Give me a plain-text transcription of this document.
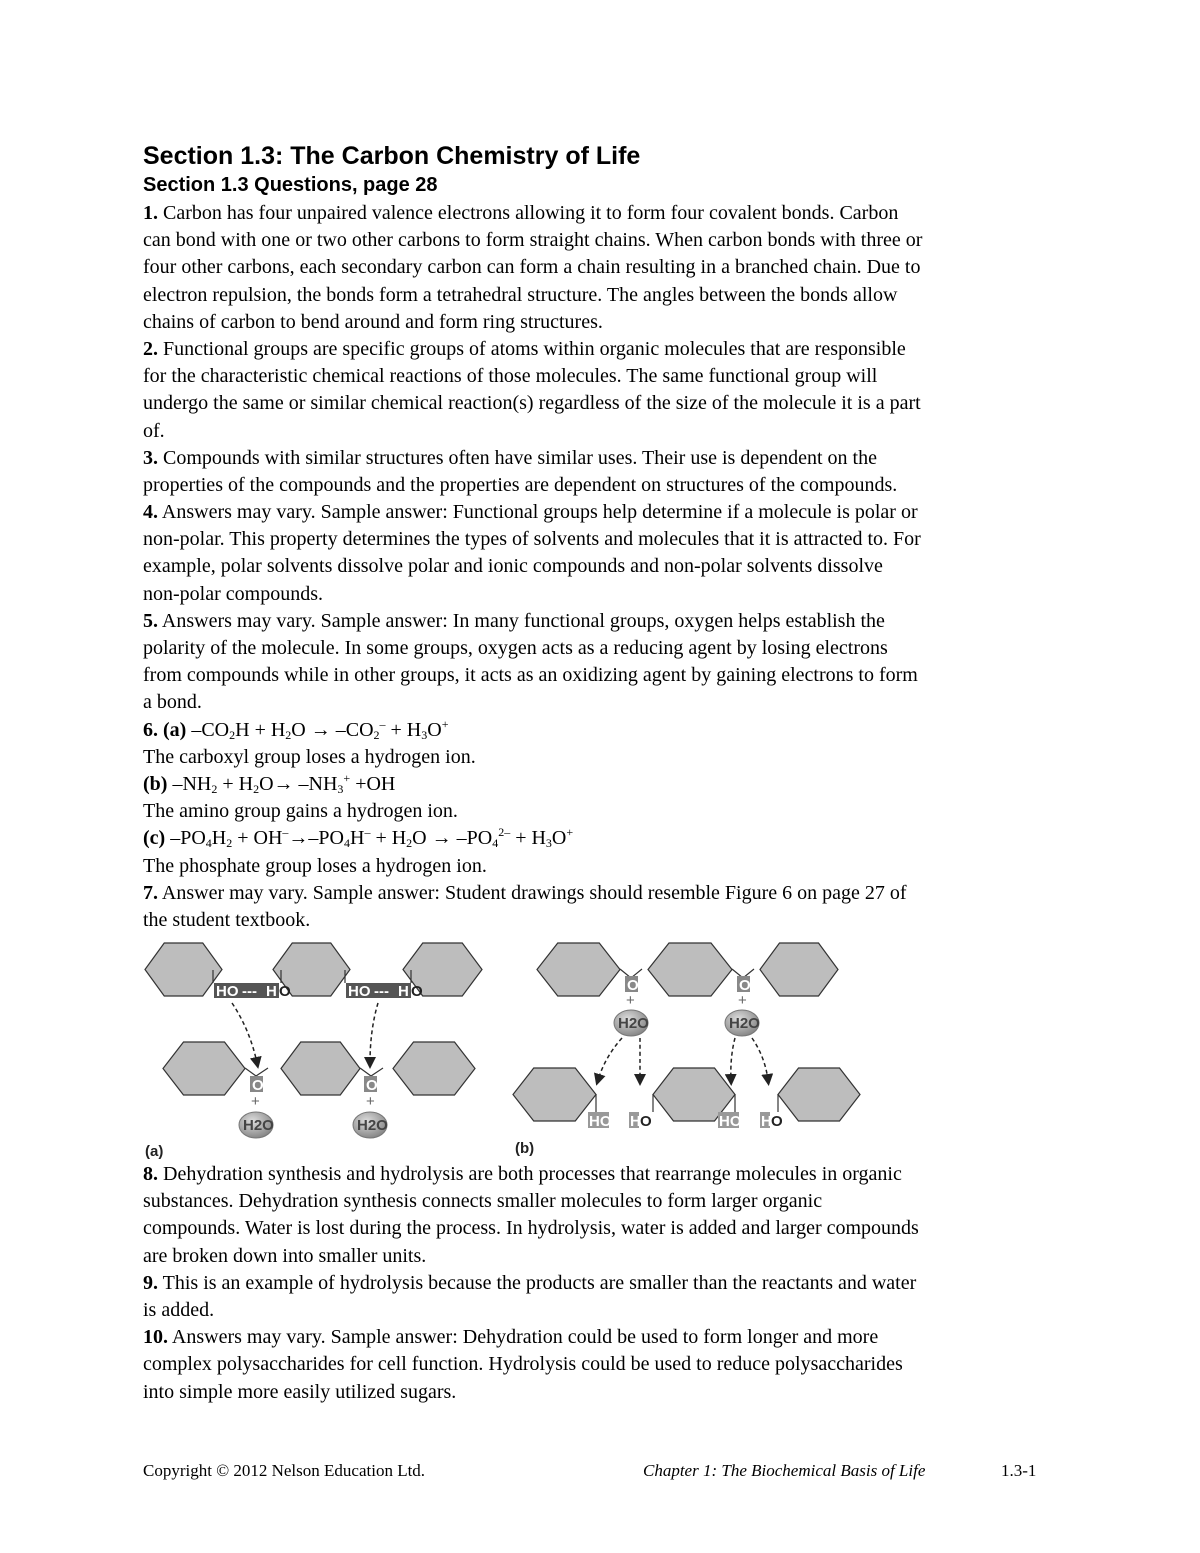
Section 1.3: The Carbon Chemistry of Life
Section 1.3 Questions, page 28
1. Carbon has four unpaired valence electrons allowing it to form four covalent bonds. Carbon
can bond with one or two other carbons to form straight chains. When carbon bonds with three or
four other carbons, each secondary carbon can form a chain resulting in a branched chain. Due to
electron repulsion, the bonds form a tetrahedral structure. The angles between the bonds allow
chains of carbon to bend around and form ring structures.
2. Functional groups are specific groups of atoms within organic molecules that are responsible
for the characteristic chemical reactions of those molecules. The same functional group will
undergo the same or similar chemical reaction(s) regardless of the size of the molecule it is a part
of.
3. Compounds with similar structures often have similar uses. Their use is dependent on the
properties of the compounds and the properties are dependent on structures of the compounds.
4. Answers may vary. Sample answer: Functional groups help determine if a molecule is polar or
non-polar. This property determines the types of solvents and molecules that it is attracted to. For
example, polar solvents dissolve polar and ionic compounds and non-polar solvents dissolve
non-polar compounds.
5. Answers may vary. Sample answer: In many functional groups, oxygen helps establish the
polarity of the molecule. In some groups, oxygen acts as a reducing agent by losing electrons
from compounds while in other groups, it acts as an oxidizing agent by gaining electrons to form
a bond.
6. (a) $-CO_2H + H_2O \to -CO_2^- + H_3O^+$
The carboxyl group loses a hydrogen ion.
(b) $-NH_2 + H_2O\to -NH_3^+ +OH$
The amino group gains a hydrogen ion.
(c) $-PO_4H_2 + OH^-\to-PO_4H^- + H_2O \to -PO_4^{2-} + H_3O^+$
The phosphate group loses a hydrogen ion.
7. Answer may vary. Sample answer: Student drawings should resemble Figure 6 on page 27 of
the student textbook.
HO --- H O	HO --- H O
O	O
O	O
H2O	H2O
H2O	H2O
+	+
+	+
HO H O	HO H O
(a)	(b)
8. Dehydration synthesis and hydrolysis are both processes that rearrange molecules in organic
substances. Dehydration synthesis connects smaller molecules to form larger organic
compounds. Water is lost during the process. In hydrolysis, water is added and larger compounds
are broken down into smaller units.
9. This is an example of hydrolysis because the products are smaller than the reactants and water
is added.
10. Answers may vary. Sample answer: Dehydration could be used to form longer and more
complex polysaccharides for cell function. Hydrolysis could be used to reduce polysaccharides
into simple more easily utilized sugars.
Copyright © 2012 Nelson Education Ltd.	Chapter 1: The Biochemical Basis of Life	1.3-1
